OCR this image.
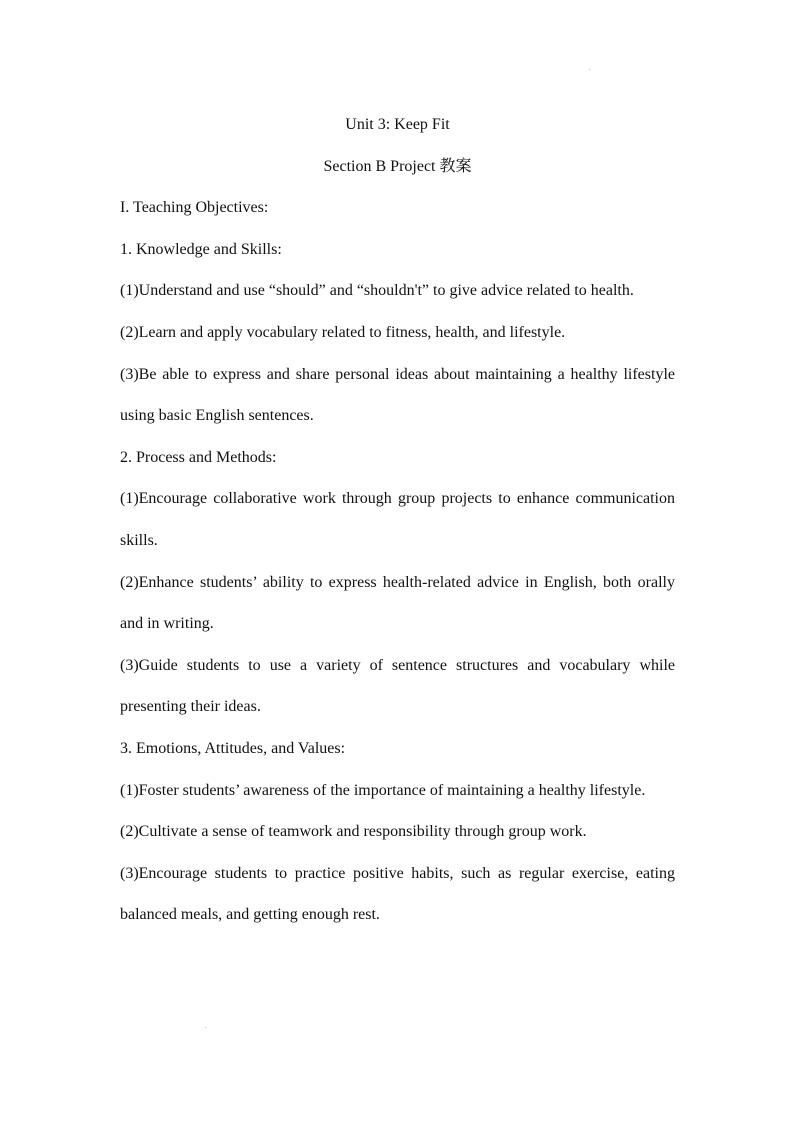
Unit 3: Keep Fit
Section B Project 教案
I. Teaching Objectives:
1. Knowledge and Skills:
(1)Understand and use “should” and “shouldn't” to give advice related to health.
(2)Learn and apply vocabulary related to fitness, health, and lifestyle.
(3)Be able to express and share personal ideas about maintaining a healthy lifestyle using basic English sentences.
2. Process and Methods:
(1)Encourage collaborative work through group projects to enhance communication skills.
(2)Enhance students’ ability to express health-related advice in English, both orally and in writing.
(3)Guide students to use a variety of sentence structures and vocabulary while presenting their ideas.
3. Emotions, Attitudes, and Values:
(1)Foster students’ awareness of the importance of maintaining a healthy lifestyle.
(2)Cultivate a sense of teamwork and responsibility through group work.
(3)Encourage students to practice positive habits, such as regular exercise, eating balanced meals, and getting enough rest.
